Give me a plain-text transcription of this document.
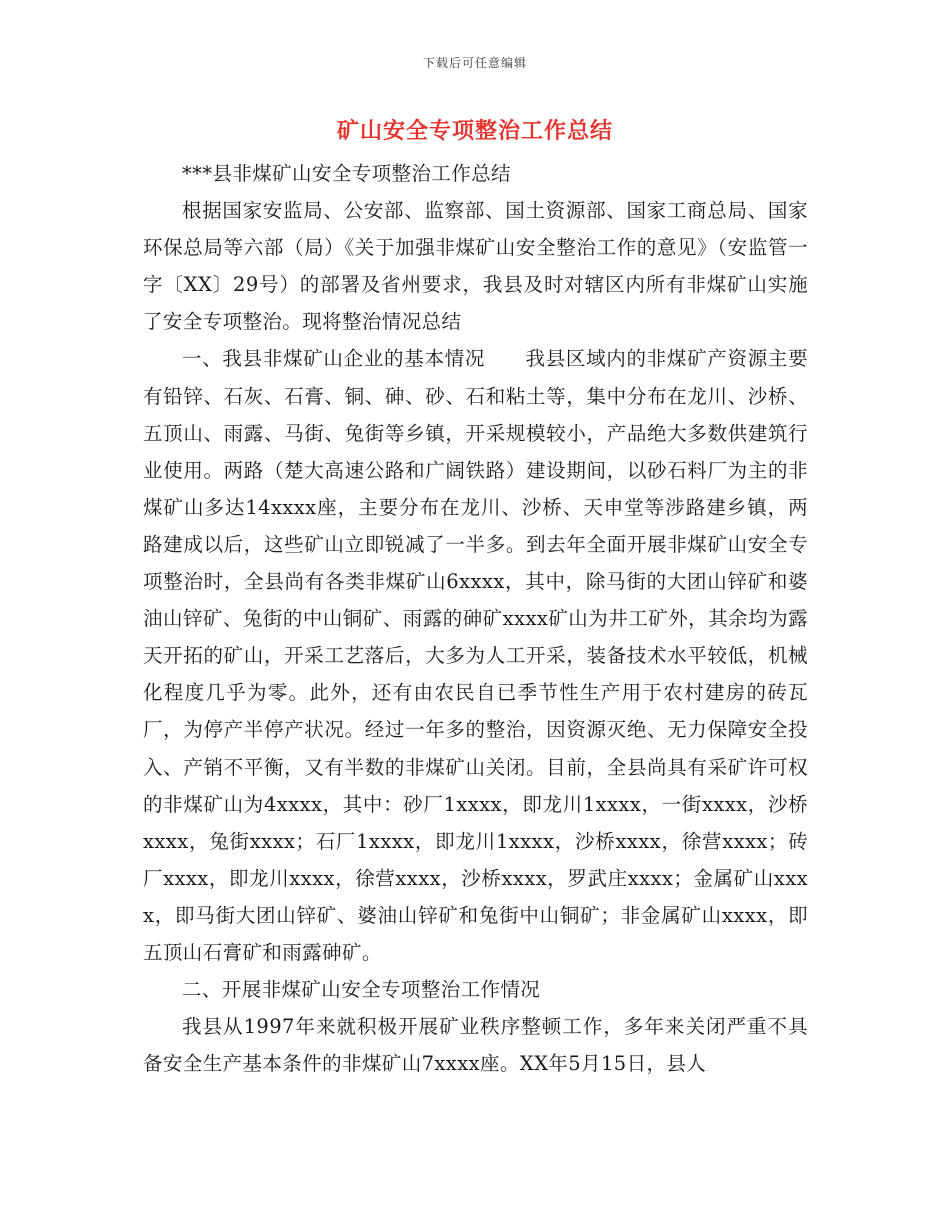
下载后可任意编辑
矿山安全专项整治工作总结

***县非煤矿山安全专项整治工作总结

根据国家安监局、公安部、监察部、国土资源部、国家工商总局、国家环保总局等六部（局）《关于加强非煤矿山安全整治工作的意见》（安监管一字〔XX〕29号）的部署及省州要求，我县及时对辖区内所有非煤矿山实施了安全专项整治。现将整治情况总结

一、我县非煤矿山企业的基本情况　　我县区域内的非煤矿产资源主要有铅锌、石灰、石膏、铜、砷、砂、石和粘土等，集中分布在龙川、沙桥、五顶山、雨露、马街、兔街等乡镇，开采规模较小，产品绝大多数供建筑行业使用。两路（楚大高速公路和广阔铁路）建设期间，以砂石料厂为主的非煤矿山多达14xxxx座，主要分布在龙川、沙桥、天申堂等涉路建乡镇，两路建成以后，这些矿山立即锐减了一半多。到去年全面开展非煤矿山安全专项整治时，全县尚有各类非煤矿山6xxxx，其中，除马街的大团山锌矿和婆油山锌矿、兔街的中山铜矿、雨露的砷矿xxxx矿山为井工矿外，其余均为露天开拓的矿山，开采工艺落后，大多为人工开采，装备技术水平较低，机械化程度几乎为零。此外，还有由农民自已季节性生产用于农村建房的砖瓦厂，为停产半停产状况。经过一年多的整治，因资源灭绝、无力保障安全投入、产销不平衡，又有半数的非煤矿山关闭。目前，全县尚具有采矿许可权的非煤矿山为4xxxx，其中：砂厂1xxxx，即龙川1xxxx，一街xxxx，沙桥xxxx，兔街xxxx；石厂1xxxx，即龙川1xxxx，沙桥xxxx，徐营xxxx；砖厂xxxx，即龙川xxxx，徐营xxxx，沙桥xxxx，罗武庄xxxx；金属矿山xxxx，即马街大团山锌矿、婆油山锌矿和兔街中山铜矿；非金属矿山xxxx，即五顶山石膏矿和雨露砷矿。

二、开展非煤矿山安全专项整治工作情况

我县从1997年来就积极开展矿业秩序整顿工作，多年来关闭严重不具备安全生产基本条件的非煤矿山7xxxx座。XX年5月15日，县人
